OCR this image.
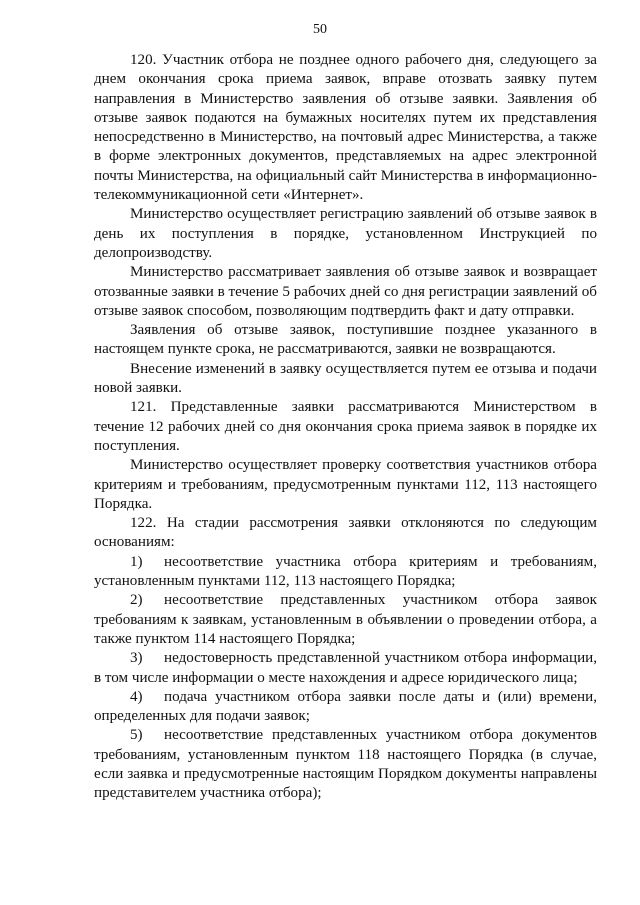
50

120. Участник отбора не позднее одного рабочего дня, следующего за днем окончания срока приема заявок, вправе отозвать заявку путем направления в Министерство заявления об отзыве заявки. Заявления об отзыве заявок подаются на бумажных носителях путем их представления непосредственно в Министерство, на почтовый адрес Министерства, а также в форме электронных документов, представляемых на адрес электронной почты Министерства, на официальный сайт Министерства в информационно-телекоммуникационной сети «Интернет».

Министерство осуществляет регистрацию заявлений об отзыве заявок в день их поступления в порядке, установленном Инструкцией по делопроизводству.

Министерство рассматривает заявления об отзыве заявок и возвращает отозванные заявки в течение 5 рабочих дней со дня регистрации заявлений об отзыве заявок способом, позволяющим подтвердить факт и дату отправки.

Заявления об отзыве заявок, поступившие позднее указанного в настоящем пункте срока, не рассматриваются, заявки не возвращаются.

Внесение изменений в заявку осуществляется путем ее отзыва и подачи новой заявки.

121. Представленные заявки рассматриваются Министерством в течение 12 рабочих дней со дня окончания срока приема заявок в порядке их поступления.

Министерство осуществляет проверку соответствия участников отбора критериям и требованиям, предусмотренным пунктами 112, 113 настоящего Порядка.

122. На стадии рассмотрения заявки отклоняются по следующим основаниям:

1) несоответствие участника отбора критериям и требованиям, установленным пунктами 112, 113 настоящего Порядка;

2) несоответствие представленных участником отбора заявок требованиям к заявкам, установленным в объявлении о проведении отбора, а также пунктом 114 настоящего Порядка;

3) недостоверность представленной участником отбора информации, в том числе информации о месте нахождения и адресе юридического лица;

4) подача участником отбора заявки после даты и (или) времени, определенных для подачи заявок;

5) несоответствие представленных участником отбора документов требованиям, установленным пунктом 118 настоящего Порядка (в случае, если заявка и предусмотренные настоящим Порядком документы направлены представителем участника отбора);
